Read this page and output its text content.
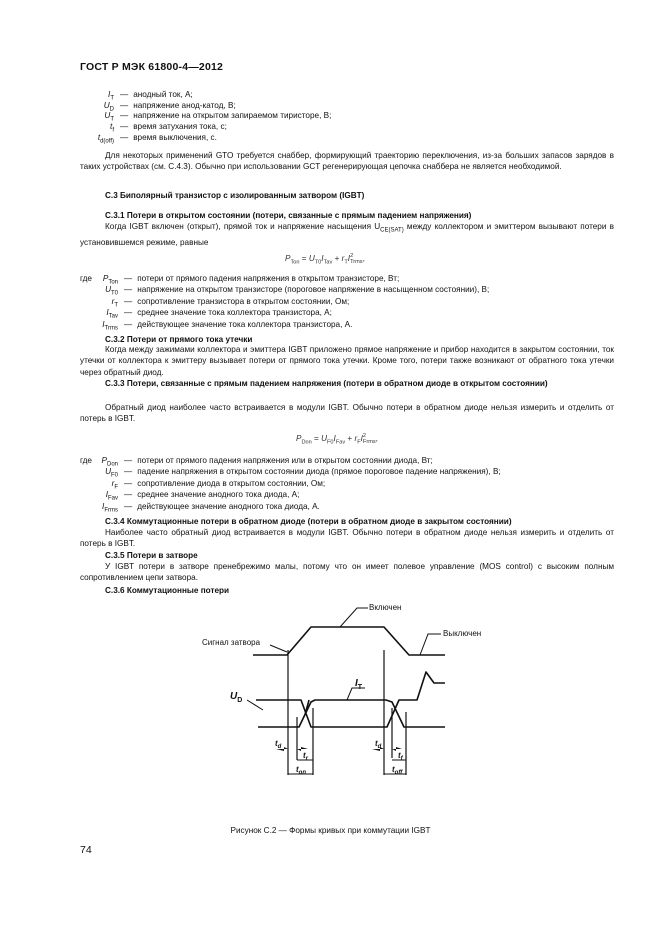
ГОСТ Р МЭК 61800-4—2012
$I_T$ — анодный ток, А;
$U_D$ — напряжение анод-катод, В;
$U_T$ — напряжение на открытом запираемом тиристоре, В;
$t_f$ — время затухания тока, с;
$t_{d(off)}$ — время выключения, с.

Для некоторых применений GTO требуется снаббер, формирующий траекторию переключения, из-за больших запасов зарядов в таких устройствах (см. С.4.3). Обычно при использовании GCT регенерирующая цепочка снаббера не является необходимой.

С.3 Биполярный транзистор с изолированным затвором (IGBT)

С.3.1 Потери в открытом состоянии (потери, связанные с прямым падением напряжения)

Когда IGBT включен (открыт), прямой ток и напряжение насыщения $U_{CE(SAT)}$ между коллектором и эмиттером вызывают потери в установившемся режиме, равные

$P_{Ton} = U_{T0}I_{Tav} + r_TI$ 2
Trms ,
где $P_{Ton}$ — потери от прямого падения напряжения в открытом транзисторе, Вт;
$U_{T0}$ — напряжение на открытом транзисторе (пороговое напряжение в насыщенном состоянии), В;
$r_T$ — сопротивление транзистора в открытом состоянии, Ом;
$I_{Tav}$ — среднее значение тока коллектора транзистора, А;
$I_{Trms}$ — действующее значение тока коллектора транзистора, А.

С.3.2 Потери от прямого тока утечки

Когда между зажимами коллектора и эмиттера IGBT приложено прямое напряжение и прибор находится в закрытом состоянии, ток утечки от коллектора к эмиттеру вызывает потери от прямого тока утечки. Кроме того, потери также возникают от обратного тока утечки через обратный диод.

С.3.3 Потери, связанные с прямым падением напряжения (потери в обратном диоде в открытом состоянии)

Обратный диод наиболее часто встраивается в модули IGBT. Обычно потери в обратном диоде нельзя измерить и отделить от потерь в IGBT.

$P_{Don} = U_{F0}I_{Fav} + r_FI$ 2
Frms ,
где $P_{Don}$ — потери от прямого падения напряжения или в открытом состоянии диода, Вт;
$U_{F0}$ — падение напряжения в открытом состоянии диода (прямое пороговое падение напряжения), В;
$r_F$ — сопротивление диода в открытом состоянии, Ом;
$I_{Fav}$ — среднее значение анодного тока диода, А;
$I_{Frms}$ — действующее значение анодного тока диода, А.

С.3.4 Коммутационные потери в обратном диоде (потери в обратном диоде в закрытом состоянии)

Наиболее часто обратный диод встраивается в модули IGBT. Обычно потери в обратном диоде нельзя измерить и отделить от потерь в IGBT.

С.3.5 Потери в затворе

У IGBT потери в затворе пренебрежимо малы, потому что он имеет полевое управление (MOS control) с высоким полным сопротивлением цепи затвора.

С.3.6 Коммутационные потери

Включен
Выключен
Сигнал затвора
$U_D$
$I_T$
$t_d$
$t_r$
$t_{on}$
$t_d$
$t_f$
$t_{off}$
Рисунок С.2 — Формы кривых при коммутации IGBT
74
